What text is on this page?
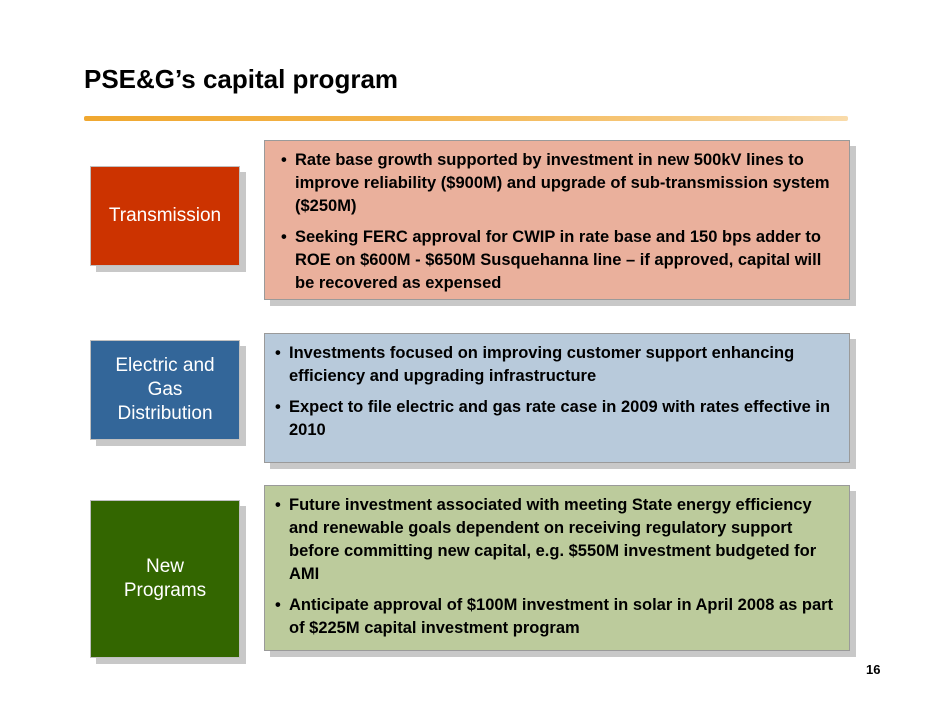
PSE&G’s capital program
Transmission
• Rate base growth supported by investment in new 500kV lines to improve reliability ($900M) and upgrade of sub-transmission system ($250M)
• Seeking FERC approval for CWIP in rate base and 150 bps adder to ROE on $600M - $650M Susquehanna line – if approved, capital will be recovered as expensed
Electric and
Gas
Distribution
• Investments focused on improving customer support enhancing efficiency and upgrading infrastructure
• Expect to file electric and gas rate case in 2009 with rates effective in 2010
New
Programs
• Future investment associated with meeting State energy efficiency and renewable goals dependent on receiving regulatory support before committing new capital, e.g. $550M investment budgeted for AMI
• Anticipate approval of $100M investment in solar in April 2008 as part of $225M capital investment program
16
